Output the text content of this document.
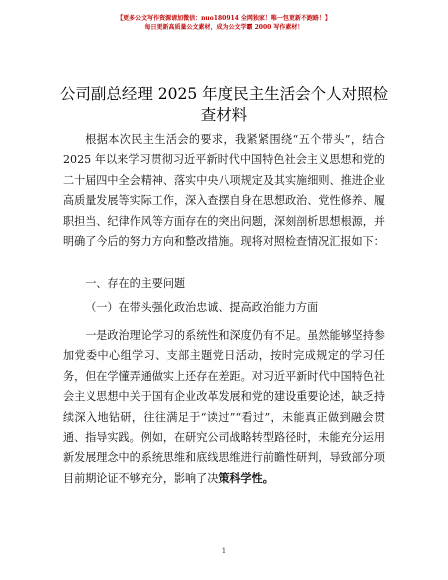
【更多公文写作资源请加微信：nuo180914 全网独家！唯一包更新不跑路！】
每日更新高质量公文素材，成为公文学霸 2000 写作素材！
公司副总经理 2025 年度民主生活会个人对照检查材料

根据本次民主生活会的要求，我紧紧围绕“五个带头”，结合 2025 年以来学习贯彻习近平新时代中国特色社会主义思想和党的二十届四中全会精神、落实中央八项规定及其实施细则、推进企业高质量发展等实际工作，深入查摆自身在思想政治、党性修养、履职担当、纪律作风等方面存在的突出问题，深刻剖析思想根源，并明确了今后的努力方向和整改措施。现将对照检查情况汇报如下：

一、存在的主要问题

（一）在带头强化政治忠诚、提高政治能力方面

一是政治理论学习的系统性和深度仍有不足。虽然能够坚持参加党委中心组学习、支部主题党日活动，按时完成规定的学习任务，但在学懂弄通做实上还存在差距。对习近平新时代中国特色社会主义思想中关于国有企业改革发展和党的建设重要论述，缺乏持续深入地钻研，往往满足于“读过”“看过”，未能真正做到融会贯通、指导实践。例如，在研究公司战略转型路径时，未能充分运用新发展理念中的系统思维和底线思维进行前瞻性研判，导致部分项目前期论证不够充分，影响了决策科学性。

1
